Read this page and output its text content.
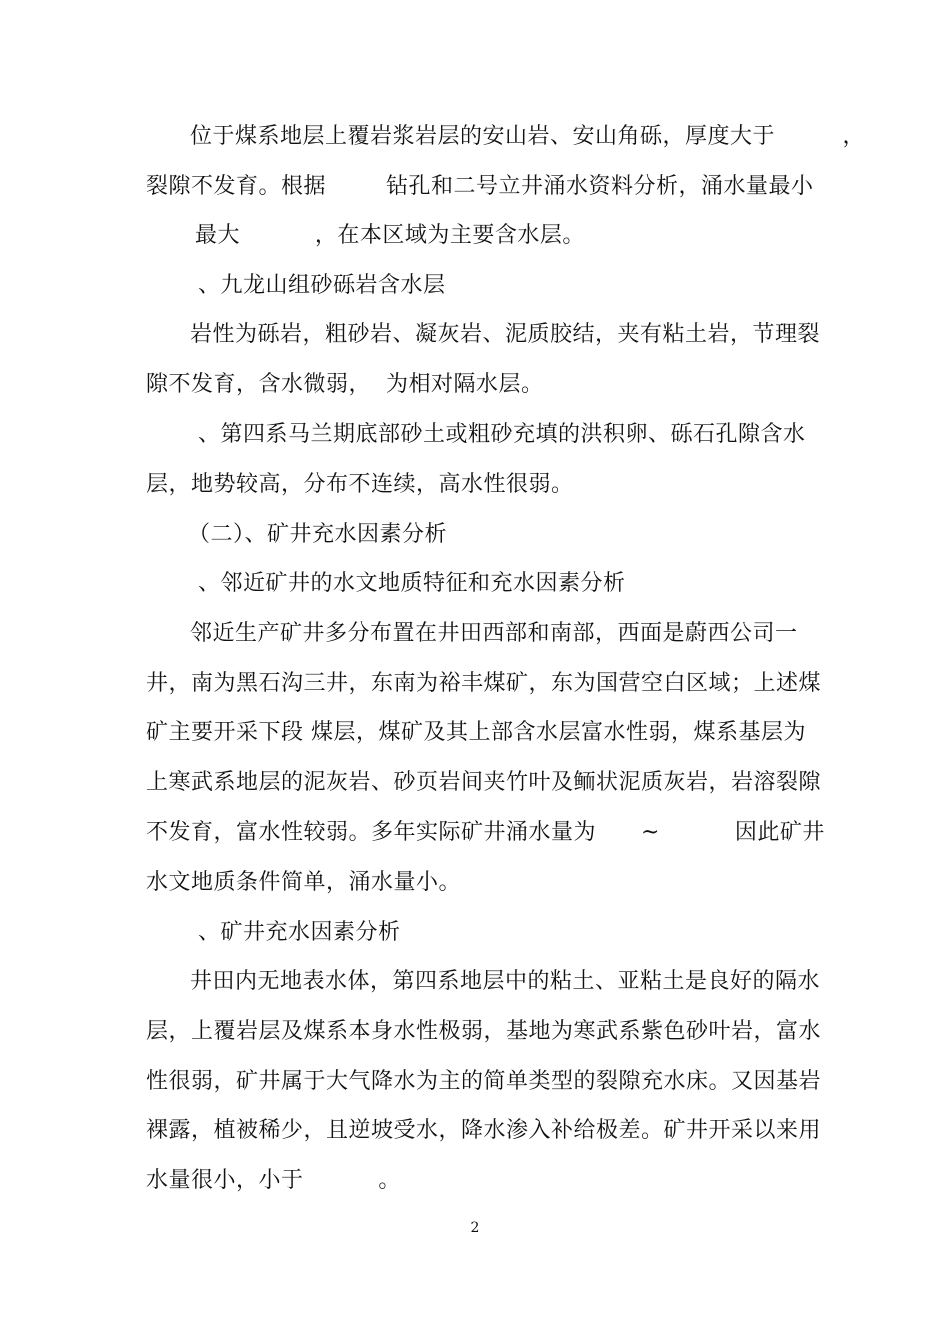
位于煤系地层上覆岩浆岩层的安山岩、安山角砾，厚度大于         ，
裂隙不发育。根据        钻孔和二号立井涌水资料分析，涌水量最小
最大          ，在本区域为主要含水层。
、九龙山组砂砾岩含水层
岩性为砾岩，粗砂岩、凝灰岩、泥质胶结，夹有粘土岩，节理裂
隙不发育，含水微弱，  为相对隔水层。
、第四系马兰期底部砂土或粗砂充填的洪积卵、砾石孔隙含水
层，地势较高，分布不连续，高水性很弱。
（二）、矿井充水因素分析
、邻近矿井的水文地质特征和充水因素分析
邻近生产矿井多分布置在井田西部和南部，西面是蔚西公司一
井，南为黑石沟三井，东南为裕丰煤矿，东为国营空白区域；上述煤
矿主要开采下段 煤层，煤矿及其上部含水层富水性弱，煤系基层为
上寒武系地层的泥灰岩、砂页岩间夹竹叶及鲕状泥质灰岩，岩溶裂隙
不发育，富水性较弱。多年实际矿井涌水量为      ~          因此矿井
水文地质条件简单，涌水量小。
、矿井充水因素分析
井田内无地表水体，第四系地层中的粘土、亚粘土是良好的隔水
层，上覆岩层及煤系本身水性极弱，基地为寒武系紫色砂叶岩，富水
性很弱，矿井属于大气降水为主的简单类型的裂隙充水床。又因基岩
裸露，植被稀少，且逆坡受水，降水渗入补给极差。矿井开采以来用
水量很小，小于          。
2
